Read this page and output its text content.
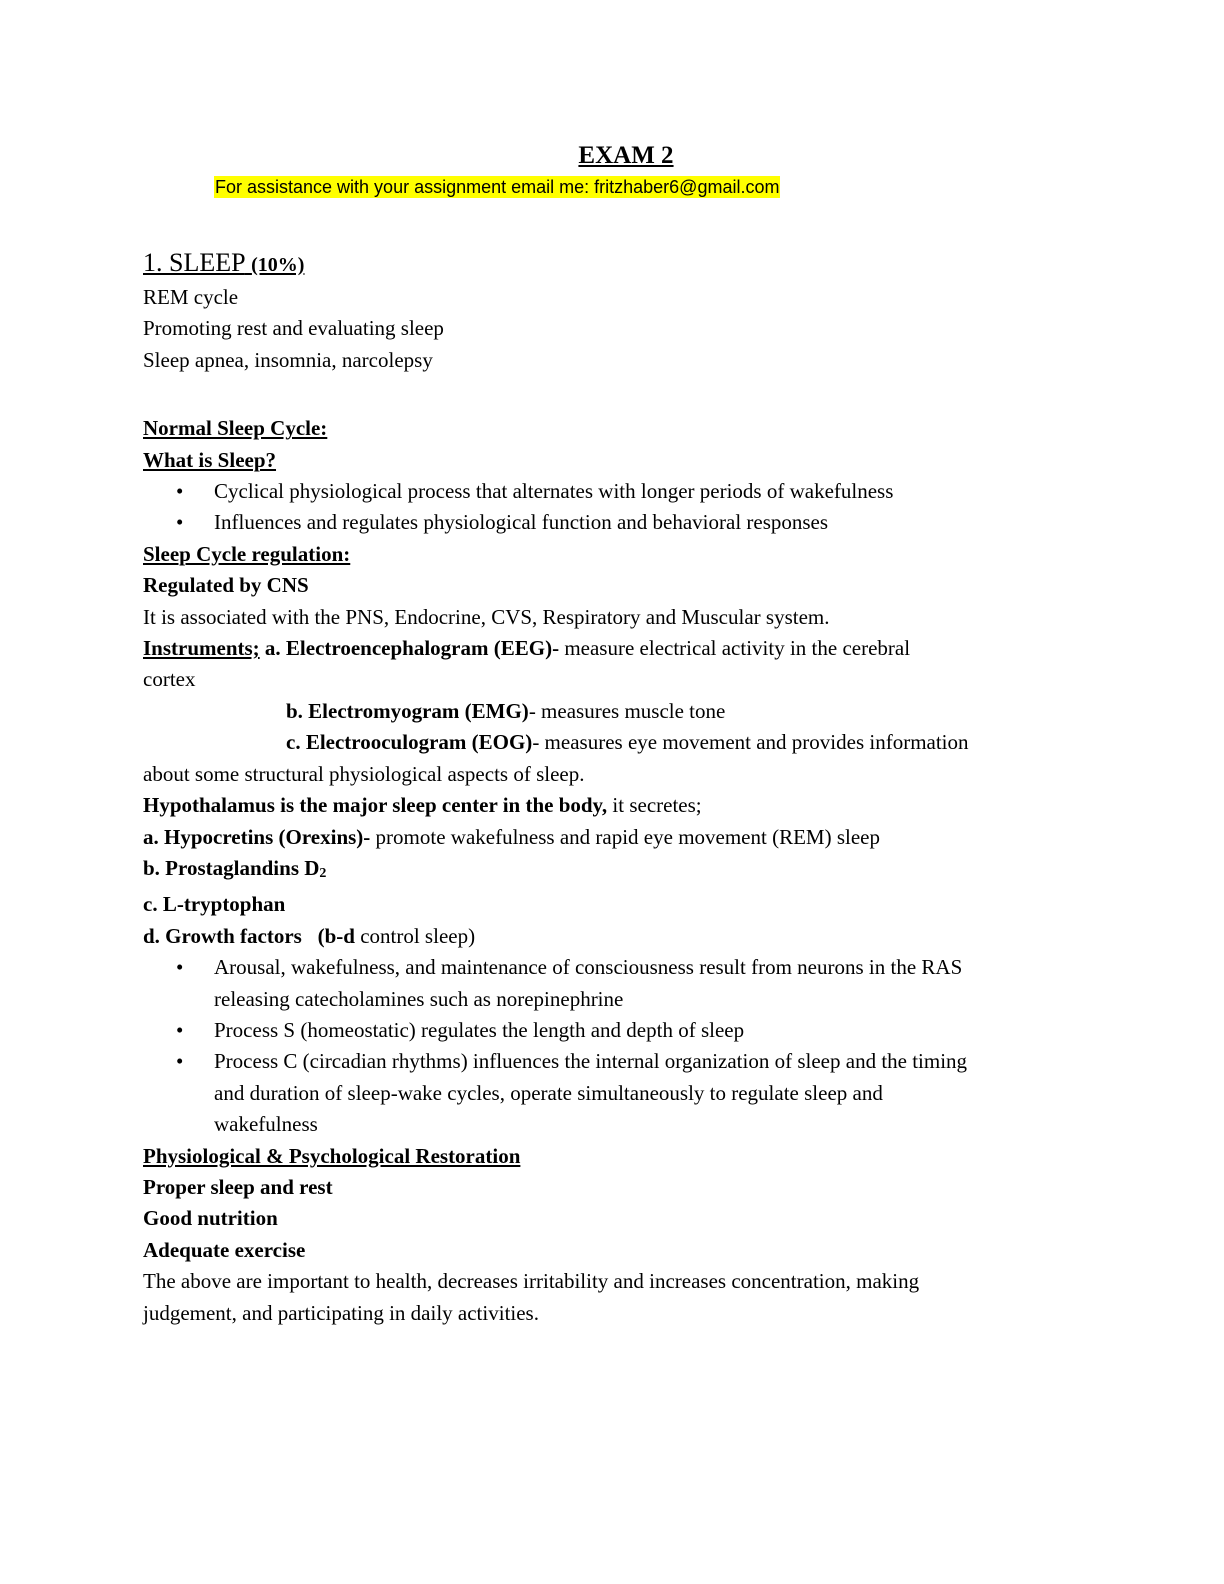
EXAM 2
For assistance with your assignment email me: fritzhaber6@gmail.com
1. SLEEP (10%)
REM cycle
Promoting rest and evaluating sleep
Sleep apnea, insomnia, narcolepsy
Normal Sleep Cycle:
What is Sleep?
• Cyclical physiological process that alternates with longer periods of wakefulness
• Influences and regulates physiological function and behavioral responses
Sleep Cycle regulation:
Regulated by CNS
It is associated with the PNS, Endocrine, CVS, Respiratory and Muscular system.
Instruments; a. Electroencephalogram (EEG)- measure electrical activity in the cerebral
cortex
b. Electromyogram (EMG)- measures muscle tone
c. Electrooculogram (EOG)- measures eye movement and provides information
about some structural physiological aspects of sleep.
Hypothalamus is the major sleep center in the body, it secretes;
a. Hypocretins (Orexins)- promote wakefulness and rapid eye movement (REM) sleep
b. Prostaglandins $D_2$
c. L-tryptophan
d. Growth factors   (b-d control sleep)
• Arousal, wakefulness, and maintenance of consciousness result from neurons in the RAS
releasing catecholamines such as norepinephrine
• Process S (homeostatic) regulates the length and depth of sleep
• Process C (circadian rhythms) influences the internal organization of sleep and the timing
and duration of sleep-wake cycles, operate simultaneously to regulate sleep and
wakefulness
Physiological & Psychological Restoration
Proper sleep and rest
Good nutrition
Adequate exercise
The above are important to health, decreases irritability and increases concentration, making
judgement, and participating in daily activities.
